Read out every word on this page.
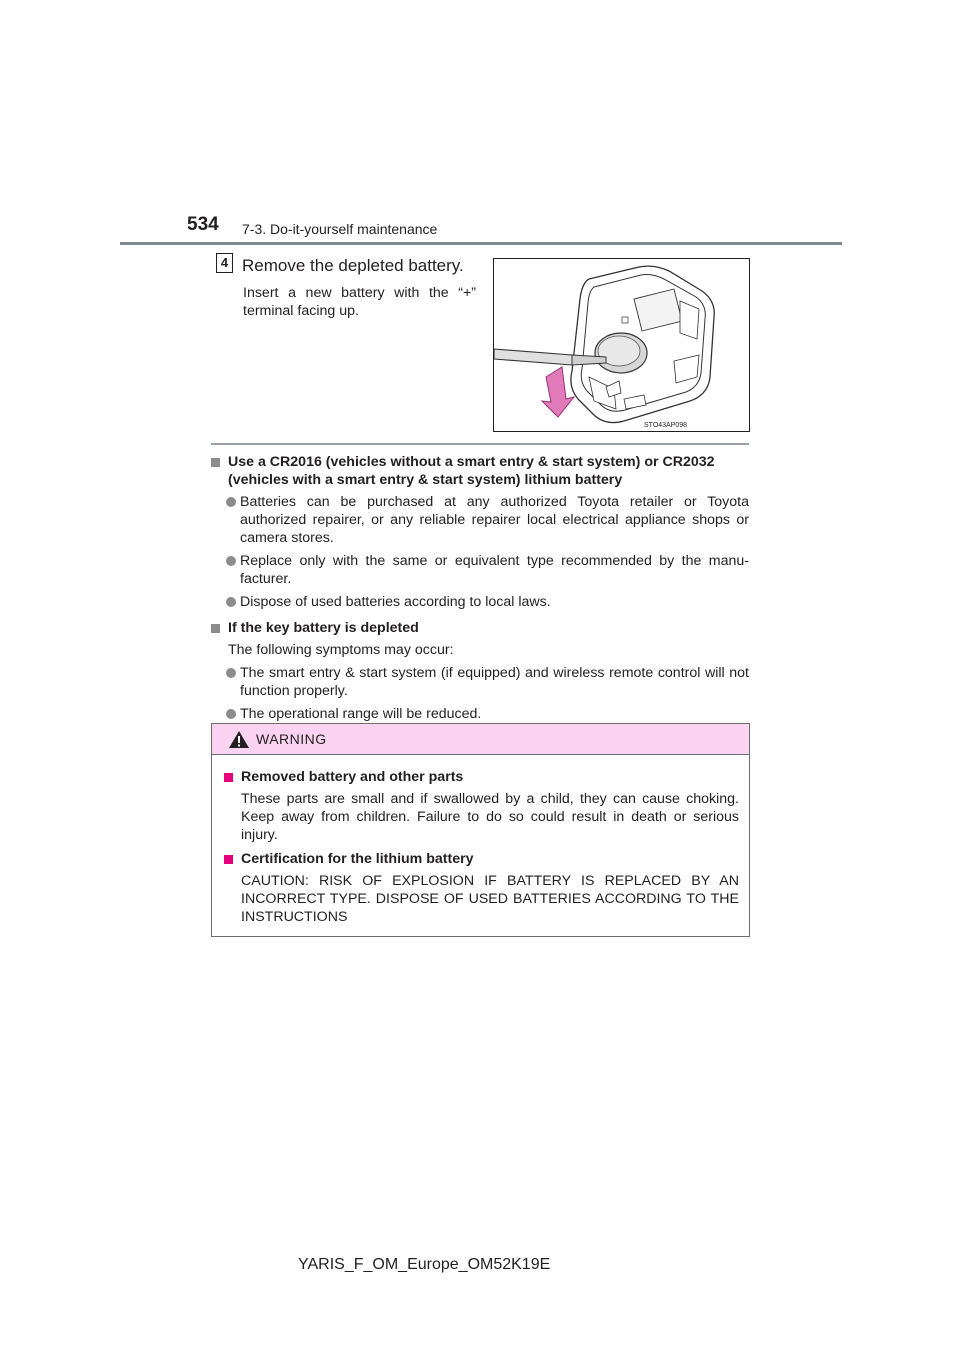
534 7-3. Do-it-yourself maintenance
4 Remove the depleted battery.
Insert a new battery with the “+” terminal facing up.
STO43AP098

Use a CR2016 (vehicles without a smart entry & start system) or CR2032 (vehicles with a smart entry & start system) lithium battery

Batteries can be purchased at any authorized Toyota retailer or Toyota authorized repairer, or any reliable repairer local electrical appliance shops or camera stores.

Replace only with the same or equivalent type recommended by the manu-facturer.

Dispose of used batteries according to local laws.

If the key battery is depleted

The following symptoms may occur:

The smart entry & start system (if equipped) and wireless remote control will not function properly.

The operational range will be reduced.

WARNING

Removed battery and other parts

These parts are small and if swallowed by a child, they can cause choking. Keep away from children. Failure to do so could result in death or serious injury.

Certification for the lithium battery

CAUTION: RISK OF EXPLOSION IF BATTERY IS REPLACED BY AN INCORRECT TYPE. DISPOSE OF USED BATTERIES ACCORDING TO THE INSTRUCTIONS

YARIS_F_OM_Europe_OM52K19E
